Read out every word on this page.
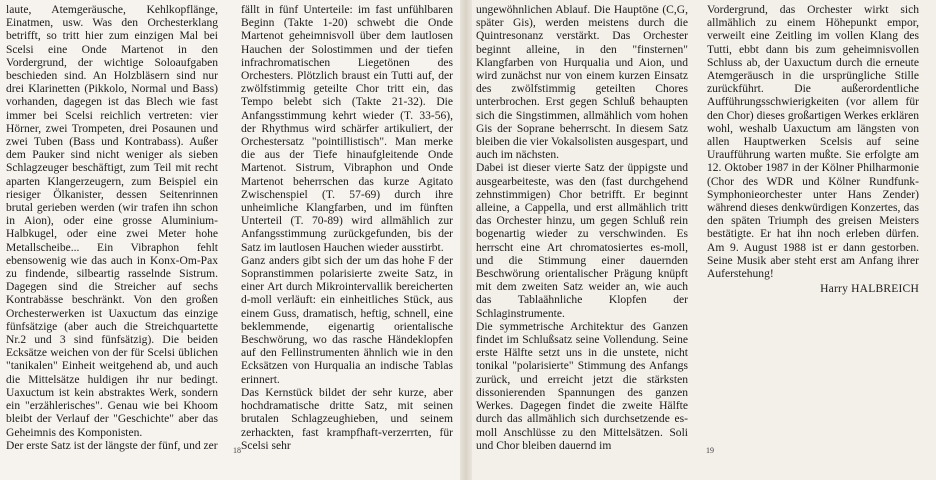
laute, Atemgeräusche, Kehlkopflänge, Einatmen, usw. Was den Orchesterklang betrifft, so tritt hier zum einzigen Mal bei Scelsi eine Onde Martenot in den Vordergrund, der wichtige Soloaufgaben beschieden sind. An Holzbläsern sind nur drei Klarinetten (Pikkolo, Normal und Bass) vorhanden, dagegen ist das Blech wie fast immer bei Scelsi reichlich vertreten: vier Hörner, zwei Trompeten, drei Posaunen und zwei Tuben (Bass und Kontrabass). Außer dem Pauker sind nicht weniger als sieben Schlagzeuger beschäftigt, zum Teil mit recht aparten Klangerzeugern, zum Beispiel ein riesiger Ölkanister, dessen Seitenrinnen brutal gerieben werden (wir trafen ihn schon in Aion), oder eine grosse Aluminium-Halbkugel, oder eine zwei Meter hohe Metallscheibe... Ein Vibraphon fehlt ebensowenig wie das auch in Konx-Om-Pax zu findende, silbeartig rasselnde Sistrum. Dagegen sind die Streicher auf sechs Kontrabässe beschränkt. Von den großen Orchesterwerken ist Uaxuctum das einzige fünfsätzige (aber auch die Streichquartette Nr.2 und 3 sind fünfsätzig). Die beiden Ecksätze weichen von der für Scelsi üblichen "tanikalen" Einheit weitgehend ab, und auch die Mittelsätze huldigen ihr nur bedingt. Uaxuctum ist kein abstraktes Werk, sondern ein "erzählerisches". Genau wie bei Khoom bleibt der Verlauf der "Geschichte" aber das Geheimnis des Komponisten.

Der erste Satz ist der längste der fünf, und zer

fällt in fünf Unterteile: im fast unfühlbaren Beginn (Takte 1-20) schwebt die Onde Martenot geheimnisvoll über dem lautlosen Hauchen der Solostimmen und der tiefen infrachromatischen Liegetönen des Orchesters. Plötzlich braust ein Tutti auf, der zwölfstimmig geteilte Chor tritt ein, das Tempo belebt sich (Takte 21-32). Die Anfangsstimmung kehrt wieder (T. 33-56), der Rhythmus wird schärfer artikuliert, der Orchestersatz "pointillistisch". Man merke die aus der Tiefe hinaufgleitende Onde Martenot. Sistrum, Vibraphon und Onde Martenot beherrschen das kurze Agitato Zwischenspiel (T. 57-69) durch ihre unheimliche Klangfarben, und im fünften Unterteil (T. 70-89) wird allmählich zur Anfangsstimmung zurückgefunden, bis der Satz im lautlosen Hauchen wieder ausstirbt.

Ganz anders gibt sich der um das hohe F der Sopranstimmen polarisierte zweite Satz, in einer Art durch Mikrointervallik bereicherten d-moll verläuft: ein einheitliches Stück, aus einem Guss, dramatisch, heftig, schnell, eine beklemmende, eigenartig orientalische Beschwörung, wo das rasche Händeklopfen auf den Fellinstrumenten ähnlich wie in den Ecksätzen von Hurqualia an indische Tablas erinnert.

Das Kernstück bildet der sehr kurze, aber hochdramatische dritte Satz, mit seinen brutalen Schlagzeughieben, und seinem zerhackten, fast krampfhaft-verzerrten, für Scelsi sehr

18

ungewöhnlichen Ablauf. Die Hauptöne (C,G, später Gis), werden meistens durch die Quintresonanz verstärkt. Das Orchester beginnt alleine, in den "finsternen" Klangfarben von Hurqualia und Aion, und wird zunächst nur von einem kurzen Einsatz des zwölfstimmig geteilten Chores unterbrochen. Erst gegen Schluß behaupten sich die Singstimmen, allmählich vom hohen Gis der Soprane beherrscht. In diesem Satz bleiben die vier Vokalsolisten ausgespart, und auch im nächsten.

Dabei ist dieser vierte Satz der üppigste und ausgearbeiteste, was den (fast durchgehend zehnstimmigen) Chor betrifft. Er beginnt alleine, a Cappella, und erst allmählich tritt das Orchester hinzu, um gegen Schluß rein bogenartig wieder zu verschwinden. Es herrscht eine Art chromatosiertes es-moll, und die Stimmung einer dauernden Beschwörung orientalischer Prägung knüpft mit dem zweiten Satz weider an, wie auch das Tablaähnliche Klopfen der Schlaginstrumente.

Die symmetrische Architektur des Ganzen findet im Schlußsatz seine Vollendung. Seine erste Hälfte setzt uns in die unstete, nicht tonikal "polarisierte" Stimmung des Anfangs zurück, und erreicht jetzt die stärksten dissonierenden Spannungen des ganzen Werkes. Dagegen findet die zweite Hälfte durch das allmählich sich durchsetzende es-moll Anschlüsse zu den Mittelsätzen. Soli und Chor bleiben dauernd im

Vordergrund, das Orchester wirkt sich allmählich zu einem Höhepunkt empor, verweilt eine Zeitling im vollen Klang des Tutti, ebbt dann bis zum geheimnisvollen Schluss ab, der Uaxuctum durch die erneute Atemgeräusch in die ursprüngliche Stille zurückführt. Die außerordentliche Aufführungsschwierigkeiten (vor allem für den Chor) dieses großartigen Werkes erklären wohl, weshalb Uaxuctum am längsten von allen Hauptwerken Scelsis auf seine Uraufführung warten mußte. Sie erfolgte am 12. Oktober 1987 in der Kölner Philharmonie (Chor des WDR und Kölner Rundfunk-Symphonieorchester unter Hans Zender) während dieses denkwürdigen Konzertes, das den späten Triumph des greisen Meisters bestätigte. Er hat ihn noch erleben dürfen. Am 9. August 1988 ist er dann gestorben. Seine Musik aber steht erst am Anfang ihrer Auferstehung!

Harry HALBREICH

19
